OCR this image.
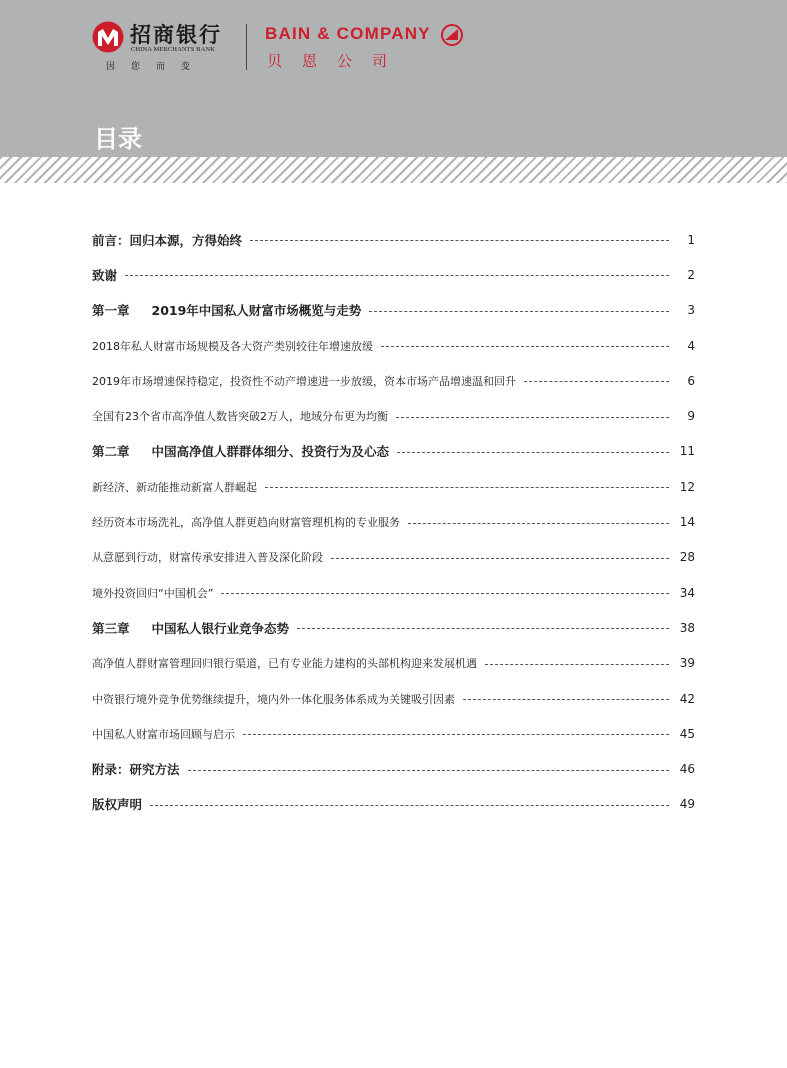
招商银行
CHINA MERCHANTS BANK
因您而变
BAIN & COMPANY
贝恩公司
目录
前言：回归本源，方得始终	1
致谢	2
第一章 2019年中国私人财富市场概览与走势	3
2018年私人财富市场规模及各大资产类别较往年增速放缓	4
2019年市场增速保持稳定，投资性不动产增速进一步放缓，资本市场产品增速温和回升	6
全国有23个省市高净值人数皆突破2万人，地域分布更为均衡	9
第二章 中国高净值人群群体细分、投资行为及心态	11
新经济、新动能推动新富人群崛起	12
经历资本市场洗礼，高净值人群更趋向财富管理机构的专业服务	14
从意愿到行动，财富传承安排进入普及深化阶段	28
境外投资回归“中国机会”	34
第三章 中国私人银行业竞争态势	38
高净值人群财富管理回归银行渠道，已有专业能力建构的头部机构迎来发展机遇	39
中资银行境外竞争优势继续提升，境内外一体化服务体系成为关键吸引因素	42
中国私人财富市场回顾与启示	45
附录：研究方法	46
版权声明	49
